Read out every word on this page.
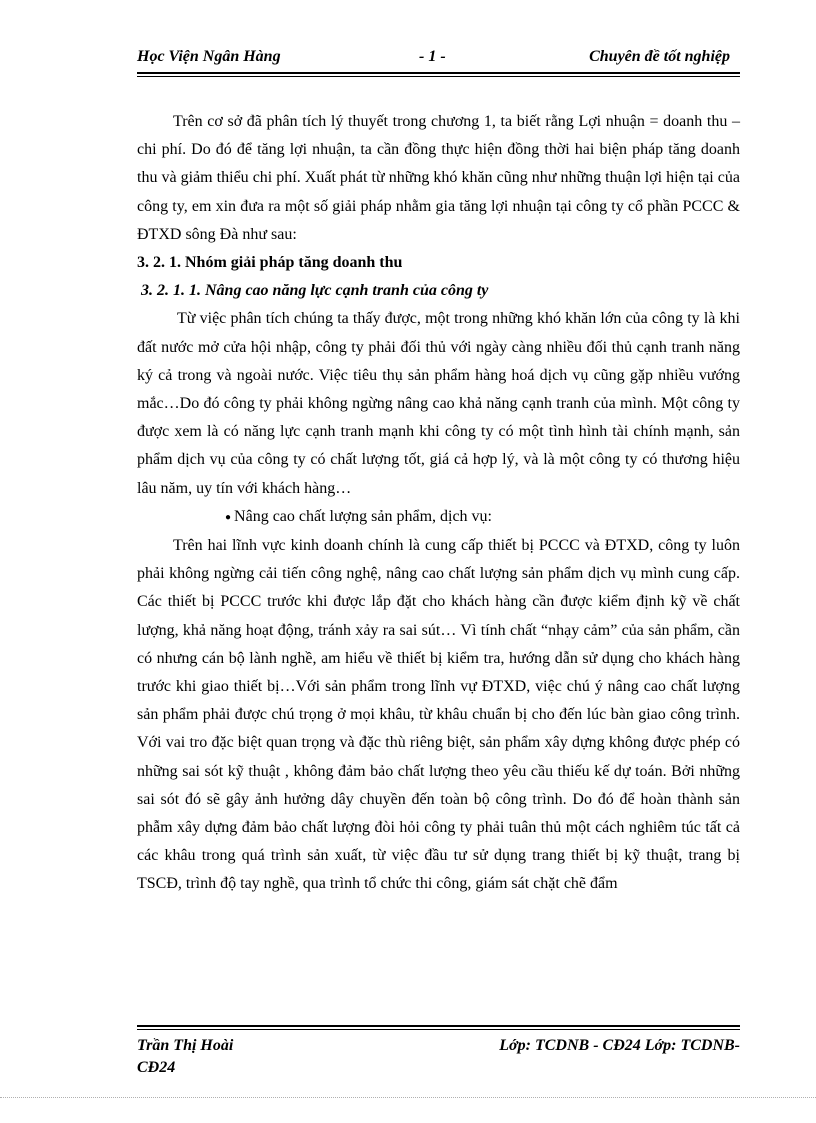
Học Viện Ngân Hàng	- 1 -	Chuyên đề tốt nghiệp

Trên cơ sở đã phân tích lý thuyết trong chương 1, ta biết rằng Lợi nhuận = doanh thu – chi phí. Do đó để tăng lợi nhuận, ta cần đồng thực hiện đồng thời hai biện pháp tăng doanh thu và giảm thiểu chi phí. Xuất phát từ những khó khăn cũng như những thuận lợi hiện tại của công ty, em xin đưa ra một số giải pháp nhằm gia tăng lợi nhuận tại công ty cổ phần PCCC & ĐTXD sông Đà như sau:

3. 2. 1. Nhóm giải pháp tăng doanh thu

3. 2. 1. 1. Nâng cao năng lực cạnh tranh của công ty

Từ việc phân tích chúng ta thấy được, một trong những khó khăn lớn của công ty là khi đất nước mở cửa hội nhập, công ty phải đối thủ với ngày càng nhiều đối thủ cạnh tranh năng ký cả trong và ngoài nước. Việc tiêu thụ sản phẩm hàng hoá dịch vụ cũng gặp nhiều vướng mắc…Do đó công ty phải không ngừng nâng cao khả năng cạnh tranh của mình. Một công ty được xem là có năng lực cạnh tranh mạnh khi công ty có một tình hình tài chính mạnh, sản phẩm dịch vụ của công ty có chất lượng tốt, giá cả hợp lý, và là một công ty có thương hiệu lâu năm, uy tín với khách hàng…

● Nâng cao chất lượng sản phẩm, dịch vụ:

Trên hai lĩnh vực kinh doanh chính là cung cấp thiết bị PCCC và ĐTXD, công ty luôn phải không ngừng cải tiến công nghệ, nâng cao chất lượng sản phẩm dịch vụ mình cung cấp. Các thiết bị PCCC trước khi được lắp đặt cho khách hàng cần được kiểm định kỹ về chất lượng, khả năng hoạt động, tránh xảy ra sai sút… Vì tính chất “nhạy cảm” của sản phẩm, cần có nhưng cán bộ lành nghề, am hiểu về thiết bị kiểm tra, hướng dẫn sử dụng cho khách hàng trước khi giao thiết bị…Với sản phẩm trong lĩnh vự ĐTXD, việc chú ý nâng cao chất lượng sản phẩm phải được chú trọng ở mọi khâu, từ khâu chuẩn bị cho đến lúc bàn giao công trình. Với vai tro đặc biệt quan trọng và đặc thù riêng biệt, sản phẩm xây dựng không được phép có những sai sót kỹ thuật , không đảm bảo chất lượng theo yêu cầu thiếu kế dự toán. Bởi những sai sót đó sẽ gây ảnh hưởng dây chuyền đến toàn bộ công trình. Do đó để hoàn thành sản phẫm xây dựng đảm bảo chất lượng đòi hỏi công ty phải tuân thủ một cách nghiêm túc tất cả các khâu trong quá trình sản xuất, từ việc đầu tư sử dụng trang thiết bị kỹ thuật, trang bị TSCĐ, trình độ tay nghề, qua trình tổ chức thi công, giám sát chặt chẽ đẩm

Trần Thị Hoài	Lớp: TCDNB - CĐ24 Lớp: TCDNB-
CĐ24
